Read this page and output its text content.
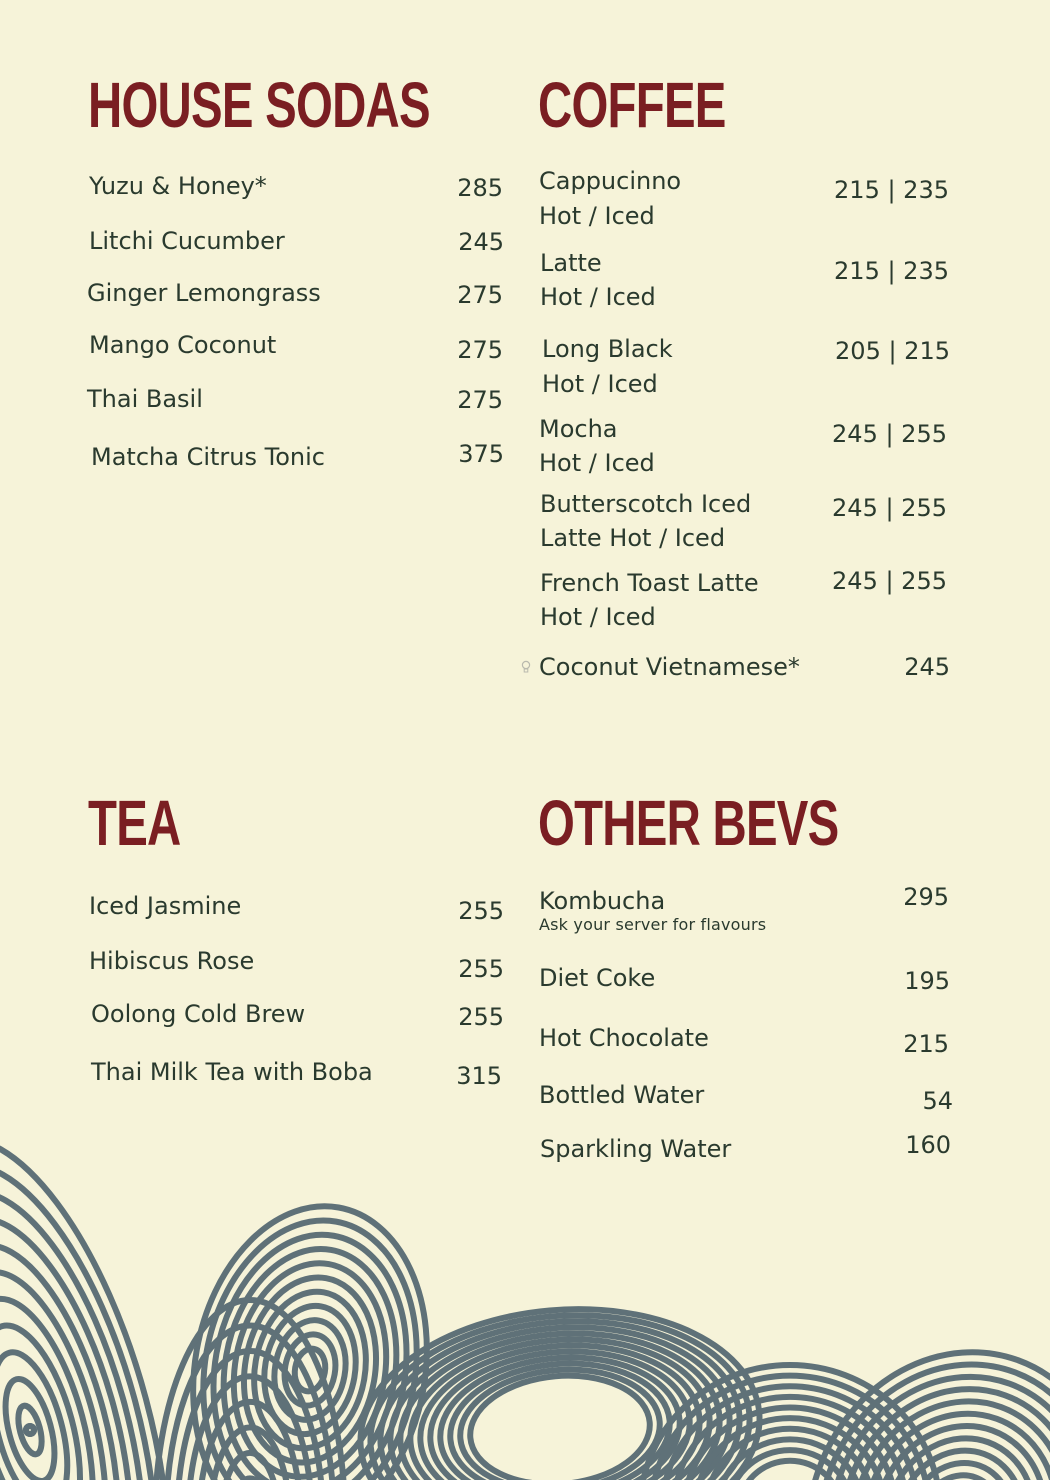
HOUSE SODAS
Yuzu & Honey*	285
Litchi Cucumber	245
Ginger Lemongrass	275
Mango Coconut	275
Thai Basil	275
Matcha Citrus Tonic	375
COFFEE
Cappucinno
Hot / Iced
215 | 235
Latte
Hot / Iced
215 | 235
Long Black
Hot / Iced
205 | 215
Mocha
Hot / Iced
245 | 255
Butterscotch Iced
Latte Hot / Iced
245 | 255
French Toast Latte
Hot / Iced
245 | 255
Coconut Vietnamese*	245
TEA
Iced Jasmine	255
Hibiscus Rose	255
Oolong Cold Brew	255
Thai Milk Tea with Boba	315
OTHER BEVS
Kombucha
Ask your server for flavours
295
Diet Coke	195
Hot Chocolate	215
Bottled Water	54
Sparkling Water	160
